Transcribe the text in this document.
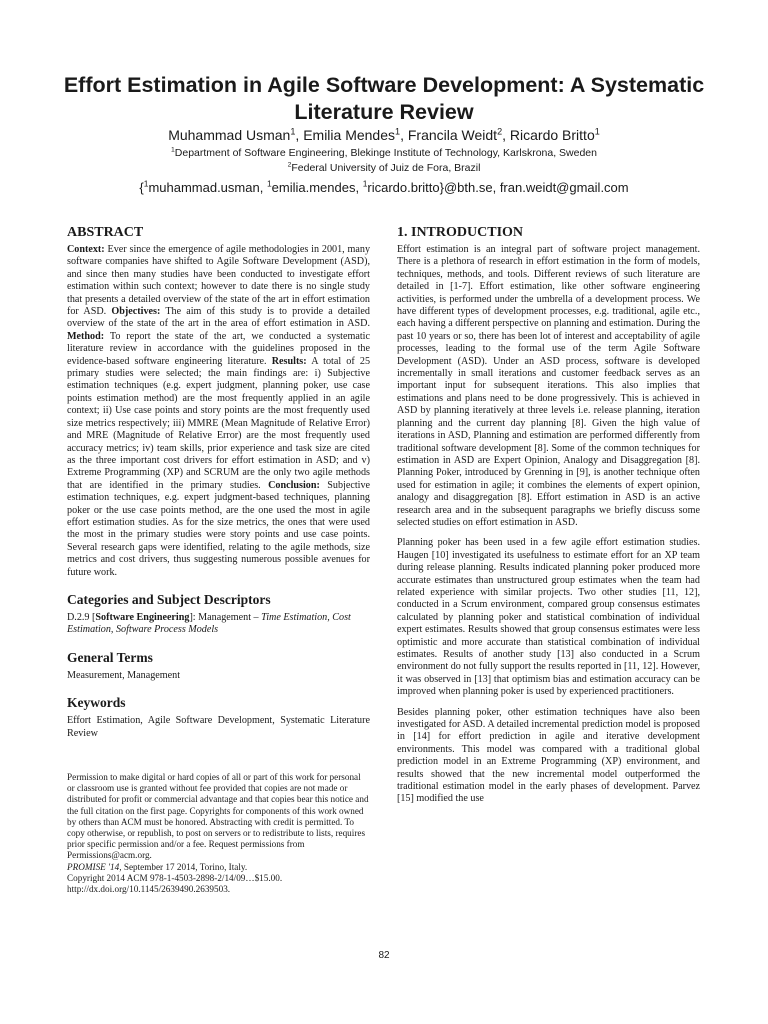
Effort Estimation in Agile Software Development: A Systematic Literature Review
Muhammad Usman$^1$, Emilia Mendes$^1$, Francila Weidt$^2$, Ricardo Britto$^1$
$^1$Department of Software Engineering, Blekinge Institute of Technology, Karlskrona, Sweden
$^2$Federal University of Juiz de Fora, Brazil
{$^1$muhammad.usman, $^1$emilia.mendes, $^1$ricardo.britto}@bth.se, fran.weidt@gmail.com
ABSTRACT

Context: Ever since the emergence of agile methodologies in 2001, many software companies have shifted to Agile Software Development (ASD), and since then many studies have been conducted to investigate effort estimation within such context; however to date there is no single study that presents a detailed overview of the state of the art in effort estimation for ASD. Objectives: The aim of this study is to provide a detailed overview of the state of the art in the area of effort estimation in ASD. Method: To report the state of the art, we conducted a systematic literature review in accordance with the guidelines proposed in the evidence-based software engineering literature. Results: A total of 25 primary studies were selected; the main findings are: i) Subjective estimation techniques (e.g. expert judgment, planning poker, use case points estimation method) are the most frequently applied in an agile context; ii) Use case points and story points are the most frequently used size metrics respectively; iii) MMRE (Mean Magnitude of Relative Error) and MRE (Magnitude of Relative Error) are the most frequently used accuracy metrics; iv) team skills, prior experience and task size are cited as the three important cost drivers for effort estimation in ASD; and v) Extreme Programming (XP) and SCRUM are the only two agile methods that are identified in the primary studies. Conclusion: Subjective estimation techniques, e.g. expert judgment-based techniques, planning poker or the use case points method, are the one used the most in agile effort estimation studies. As for the size metrics, the ones that were used the most in the primary studies were story points and use case points. Several research gaps were identified, relating to the agile methods, size metrics and cost drivers, thus suggesting numerous possible avenues for future work.

Categories and Subject Descriptors

D.2.9 [Software Engineering]: Management – Time Estimation, Cost Estimation, Software Process Models

General Terms

Measurement, Management

Keywords

Effort Estimation, Agile Software Development, Systematic Literature Review

Permission to make digital or hard copies of all or part of this work for personal or classroom use is granted without fee provided that copies are not made or distributed for profit or commercial advantage and that copies bear this notice and the full citation on the first page. Copyrights for components of this work owned by others than ACM must be honored. Abstracting with credit is permitted. To copy otherwise, or republish, to post on servers or to redistribute to lists, requires prior specific permission and/or a fee. Request permissions from Permissions@acm.org.

PROMISE '14, September 17 2014, Torino, Italy.

Copyright 2014 ACM 978-1-4503-2898-2/14/09…$15.00.

http://dx.doi.org/10.1145/2639490.2639503.

1. INTRODUCTION

Effort estimation is an integral part of software project management. There is a plethora of research in effort estimation in the form of models, techniques, methods, and tools. Different reviews of such literature are detailed in [1-7]. Effort estimation, like other software engineering activities, is performed under the umbrella of a development process. We have different types of development processes, e.g. traditional, agile etc., each having a different perspective on planning and estimation. During the past 10 years or so, there has been lot of interest and acceptability of agile processes, leading to the formal use of the term Agile Software Development (ASD). Under an ASD process, software is developed incrementally in small iterations and customer feedback serves as an important input for subsequent iterations. This also implies that estimations and plans need to be done progressively. This is achieved in ASD by planning iteratively at three levels i.e. release planning, iteration planning and the current day planning [8]. Given the high value of iterations in ASD, Planning and estimation are performed differently from traditional software development [8]. Some of the common techniques for estimation in ASD are Expert Opinion, Analogy and Disaggregation [8]. Planning Poker, introduced by Grenning in [9], is another technique often used for estimation in agile; it combines the elements of expert opinion, analogy and disaggregation [8]. Effort estimation in ASD is an active research area and in the subsequent paragraphs we briefly discuss some selected studies on effort estimation in ASD.

Planning poker has been used in a few agile effort estimation studies. Haugen [10] investigated its usefulness to estimate effort for an XP team during release planning. Results indicated planning poker produced more accurate estimates than unstructured group estimates when the team had related experience with similar projects. Two other studies [11, 12], conducted in a Scrum environment, compared group consensus estimates calculated by planning poker and statistical combination of individual expert estimates. Results showed that group consensus estimates were less optimistic and more accurate than statistical combination of individual estimates. Results of another study [13] also conducted in a Scrum environment do not fully support the results reported in [11, 12]. However, it was observed in [13] that optimism bias and estimation accuracy can be improved when planning poker is used by experienced practitioners.

Besides planning poker, other estimation techniques have also been investigated for ASD. A detailed incremental prediction model is proposed in [14] for effort prediction in agile and iterative development environments. This model was compared with a traditional global prediction model in an Extreme Programming (XP) environment, and results showed that the new incremental model outperformed the traditional estimation model in the early phases of development. Parvez [15] modified the use

82
